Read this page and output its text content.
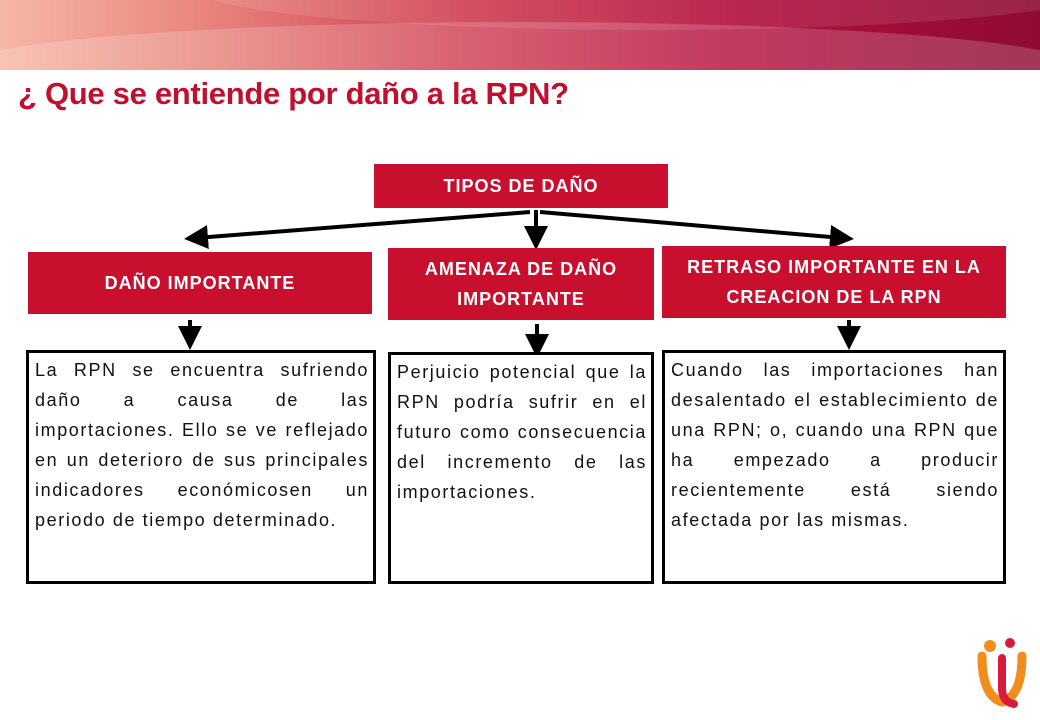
¿ Que se entiende por daño a la RPN?
TIPOS DE DAÑO
DAÑO IMPORTANTE
AMENAZA DE DAÑO IMPORTANTE
RETRASO IMPORTANTE EN LA CREACION DE LA RPN
La RPN se encuentra sufriendo daño a causa de las importaciones. Ello se ve reflejado en un deterioro de sus principales indicadores económicosen un periodo de tiempo determinado.
Perjuicio potencial que la RPN podría sufrir en el futuro como consecuencia del incremento de las importaciones.
Cuando las importaciones han desalentado el establecimiento de una RPN; o, cuando una RPN que ha empezado a producir recientemente está siendo afectada por las mismas.
